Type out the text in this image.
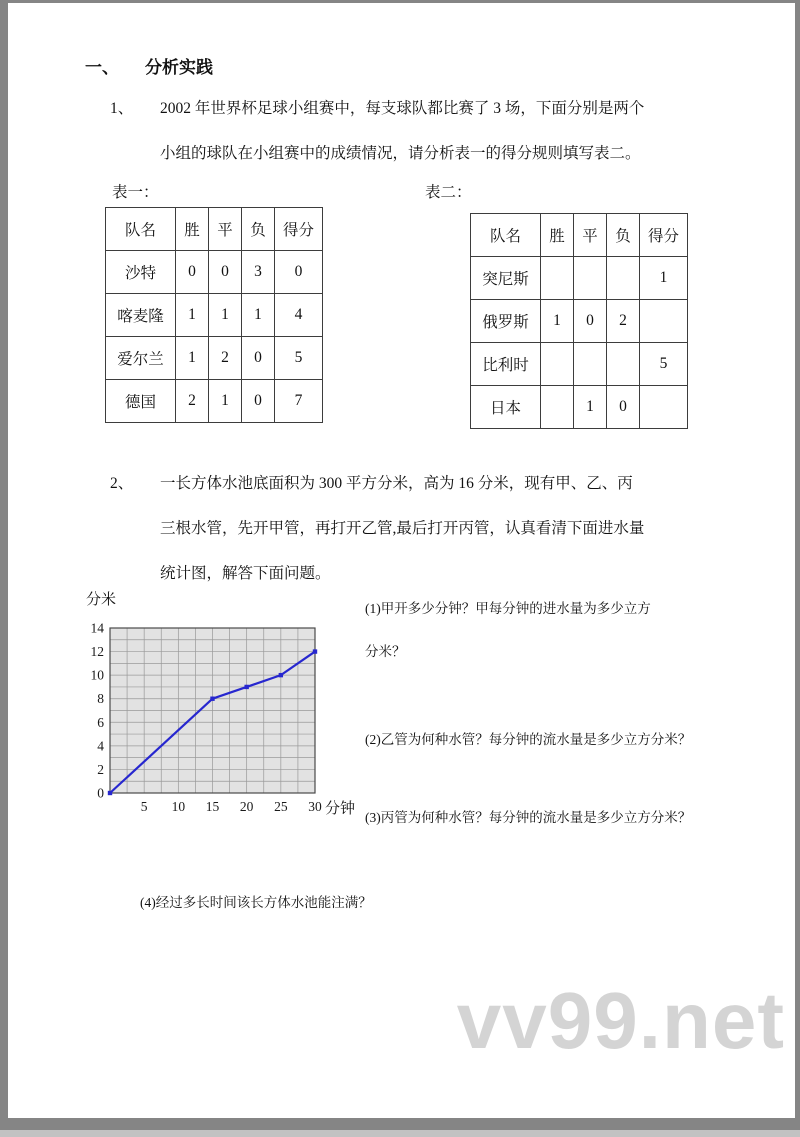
一、 分析实践
1、 2002 年世界杯足球小组赛中，每支球队都比赛了 3 场，下面分别是两个
小组的球队在小组赛中的成绩情况，请分析表一的得分规则填写表二。
表一：	表二：
队名	胜	平	负	得分
沙特	0	0	3	0
喀麦隆	1	1	1	4
爱尔兰	1	2	0	5
德国	2	1	0	7
队名	胜	平	负	得分
突尼斯				1
俄罗斯	1	0	2	
比利时				5
日本		1	0	
2、 一长方体水池底面积为 300 平方分米，高为 16 分米，现有甲、乙、丙
三根水管，先开甲管，再打开乙管,最后打开丙管，认真看清下面进水量
统计图，解答下面问题。
分米
0
2
4
6
8
10
12
14
5 10 15 20 25 30 分钟
(1)甲开多少分钟？甲每分钟的进水量为多少立方
分米？
(2)乙管为何种水管？每分钟的流水量是多少立方分米？
(3)丙管为何种水管？每分钟的流水量是多少立方分米？
(4)经过多长时间该长方体水池能注满？
vv99.net
